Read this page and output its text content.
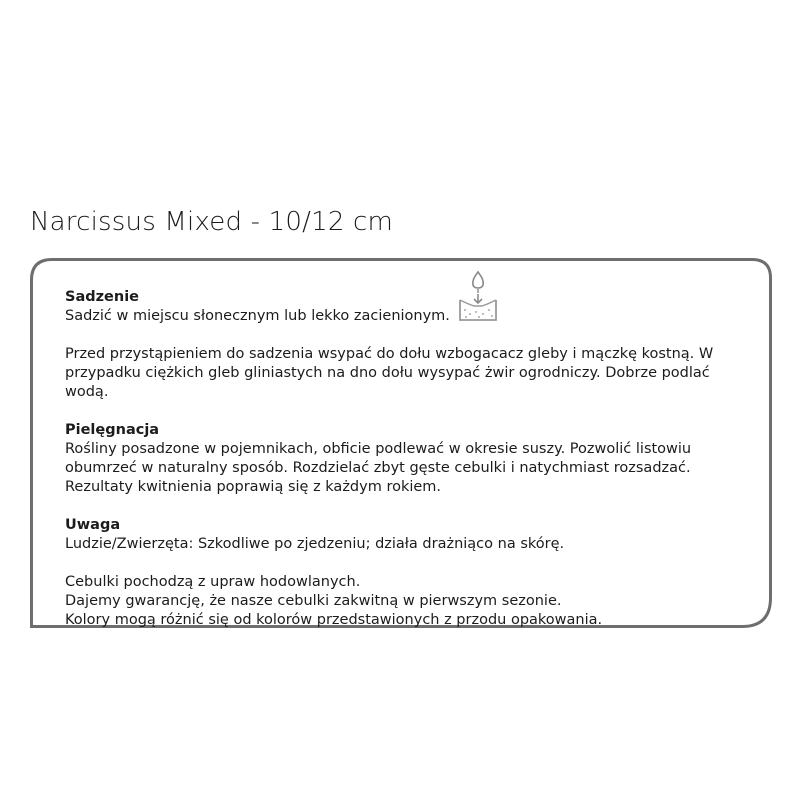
Narcissus Mixed - 10/12 cm
Sadzenie
Sadzić w miejscu słonecznym lub lekko zacienionym.
Przed przystąpieniem do sadzenia wsypać do dołu wzbogacacz gleby i mączkę kostną. W
przypadku ciężkich gleb gliniastych na dno dołu wysypać żwir ogrodniczy. Dobrze podlać
wodą.
Pielęgnacja
Rośliny posadzone w pojemnikach, obficie podlewać w okresie suszy. Pozwolić listowiu
obumrzeć w naturalny sposób. Rozdzielać zbyt gęste cebulki i natychmiast rozsadzać.
Rezultaty kwitnienia poprawią się z każdym rokiem.
Uwaga
Ludzie/Zwierzęta: Szkodliwe po zjedzeniu; działa drażniąco na skórę.
Cebulki pochodzą z upraw hodowlanych.
Dajemy gwarancję, że nasze cebulki zakwitną w pierwszym sezonie.
Kolory mogą różnić się od kolorów przedstawionych z przodu opakowania.
